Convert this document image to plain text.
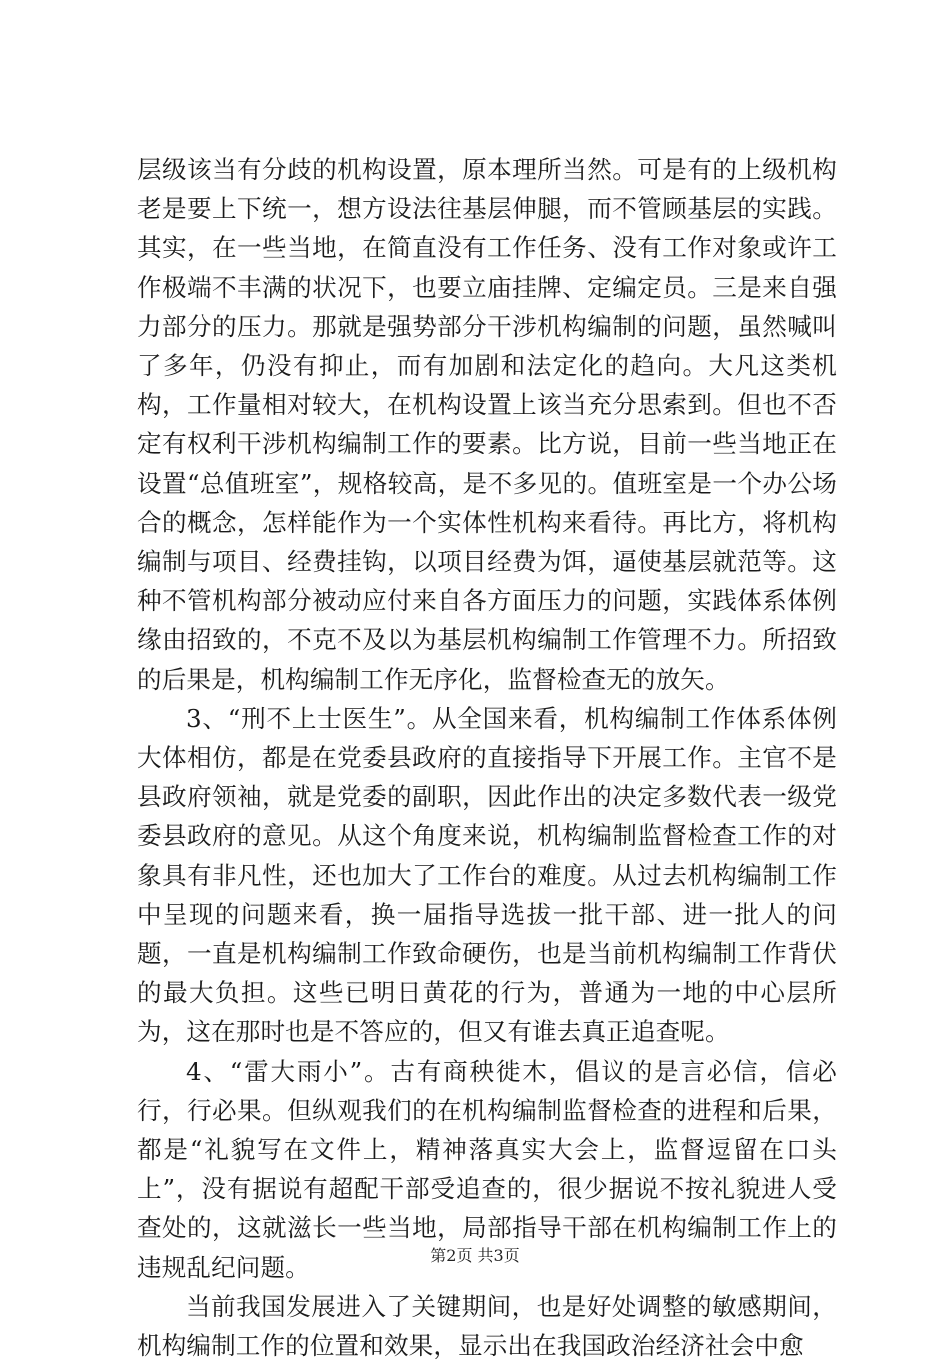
层级该当有分歧的机构设置，原本理所当然。可是有的上级机构老是要上下统一，想方设法往基层伸腿，而不管顾基层的实践。其实，在一些当地，在简直没有工作任务、没有工作对象或许工作极端不丰满的状况下，也要立庙挂牌、定编定员。三是来自强力部分的压力。那就是强势部分干涉机构编制的问题，虽然喊叫了多年，仍没有抑止，而有加剧和法定化的趋向。大凡这类机构，工作量相对较大，在机构设置上该当充分思索到。但也不否定有权利干涉机构编制工作的要素。比方说，目前一些当地正在设置“总值班室”，规格较高，是不多见的。值班室是一个办公场合的概念，怎样能作为一个实体性机构来看待。再比方，将机构编制与项目、经费挂钩，以项目经费为饵，逼使基层就范等。这种不管机构部分被动应付来自各方面压力的问题，实践体系体例缘由招致的，不克不及以为基层机构编制工作管理不力。所招致的后果是，机构编制工作无序化，监督检查无的放矢。

3、“刑不上士医生”。从全国来看，机构编制工作体系体例大体相仿，都是在党委县政府的直接指导下开展工作。主官不是县政府领袖，就是党委的副职，因此作出的决定多数代表一级党委县政府的意见。从这个角度来说，机构编制监督检查工作的对象具有非凡性，还也加大了工作台的难度。从过去机构编制工作中呈现的问题来看，换一届指导选拔一批干部、进一批人的问题，一直是机构编制工作致命硬伤，也是当前机构编制工作背伏的最大负担。这些已明日黄花的行为，普通为一地的中心层所为，这在那时也是不答应的，但又有谁去真正追查呢。

4、“雷大雨小”。古有商秧徙木，倡议的是言必信，信必行，行必果。但纵观我们的在机构编制监督检查的进程和后果，都是“礼貌写在文件上，精神落真实大会上，监督逗留在口头上”，没有据说有超配干部受追查的，很少据说不按礼貌进人受查处的，这就滋长一些当地，局部指导干部在机构编制工作上的违规乱纪问题。

当前我国发展进入了关键期间，也是好处调整的敏感期间，机构编制工作的位置和效果，显示出在我国政治经济社会中愈

第2页 共3页
